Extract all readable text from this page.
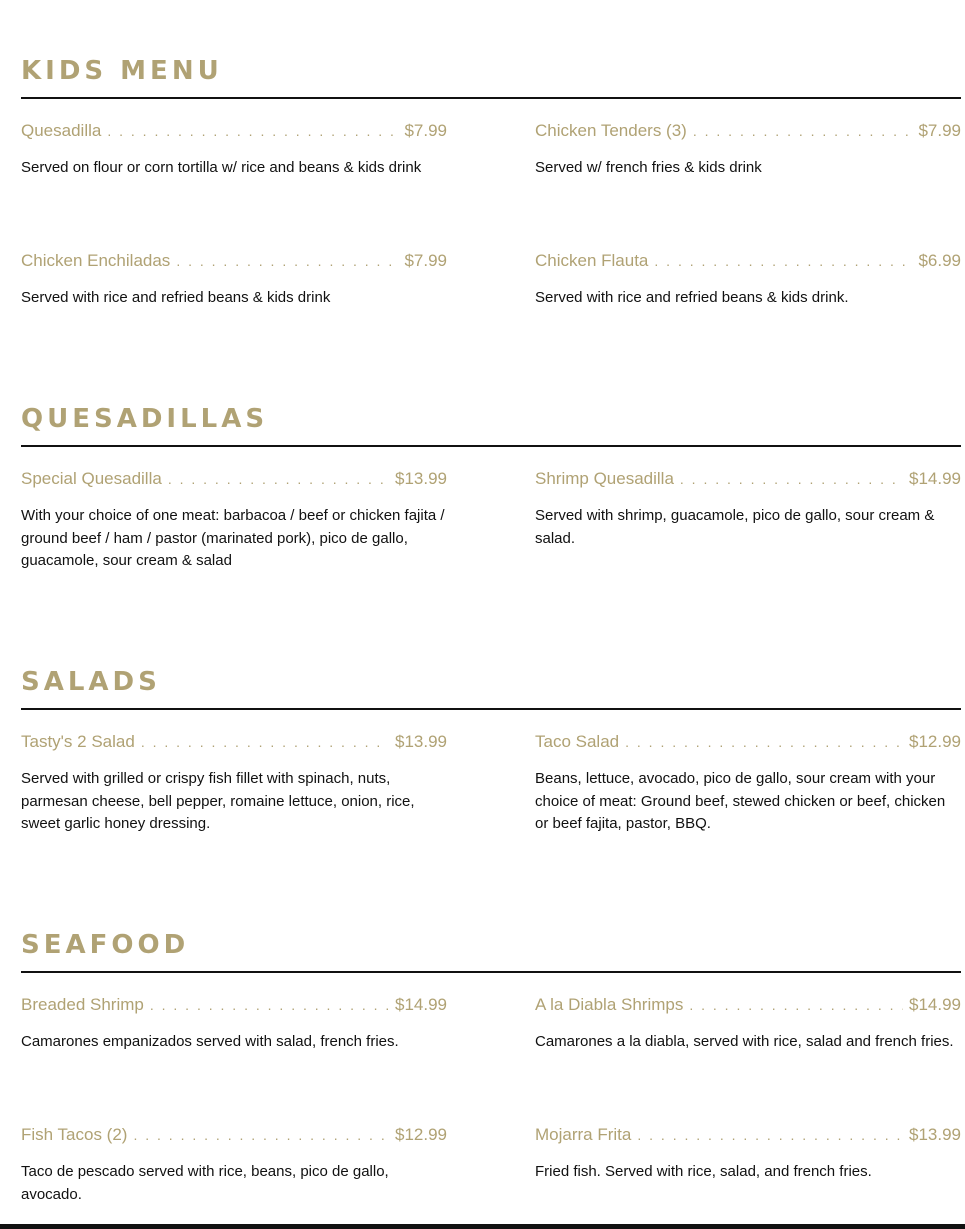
KIDS MENU
Quesadilla . . .	$7.99
Served on flour or corn tortilla w/ rice and beans & kids drink
Chicken Tenders (3) . . .	$7.99
Served w/ french fries & kids drink
Chicken Enchiladas . . .	$7.99
Served with rice and refried beans & kids drink
Chicken Flauta . . .	$6.99
Served with rice and refried beans & kids drink.
QUESADILLAS
Special Quesadilla . . .	$13.99
With your choice of one meat: barbacoa / beef or chicken fajita / ground beef / ham / pastor (marinated pork), pico de gallo, guacamole, sour cream & salad
Shrimp Quesadilla . . .	$14.99
Served with shrimp, guacamole, pico de gallo, sour cream & salad.
SALADS
Tasty's 2 Salad . . .	$13.99
Served with grilled or crispy fish fillet with spinach, nuts, parmesan cheese, bell pepper, romaine lettuce, onion, rice, sweet garlic honey dressing.
Taco Salad . . .	$12.99
Beans, lettuce, avocado, pico de gallo, sour cream with your choice of meat: Ground beef, stewed chicken or beef, chicken or beef fajita, pastor, BBQ.
SEAFOOD
Breaded Shrimp . . .	$14.99
Camarones empanizados served with salad, french fries.
A la Diabla Shrimps . . .	$14.99
Camarones a la diabla, served with rice, salad and french fries.
Fish Tacos (2) . . .	$12.99
Taco de pescado served with rice, beans, pico de gallo, avocado.
Mojarra Frita . . .	$13.99
Fried fish. Served with rice, salad, and french fries.
